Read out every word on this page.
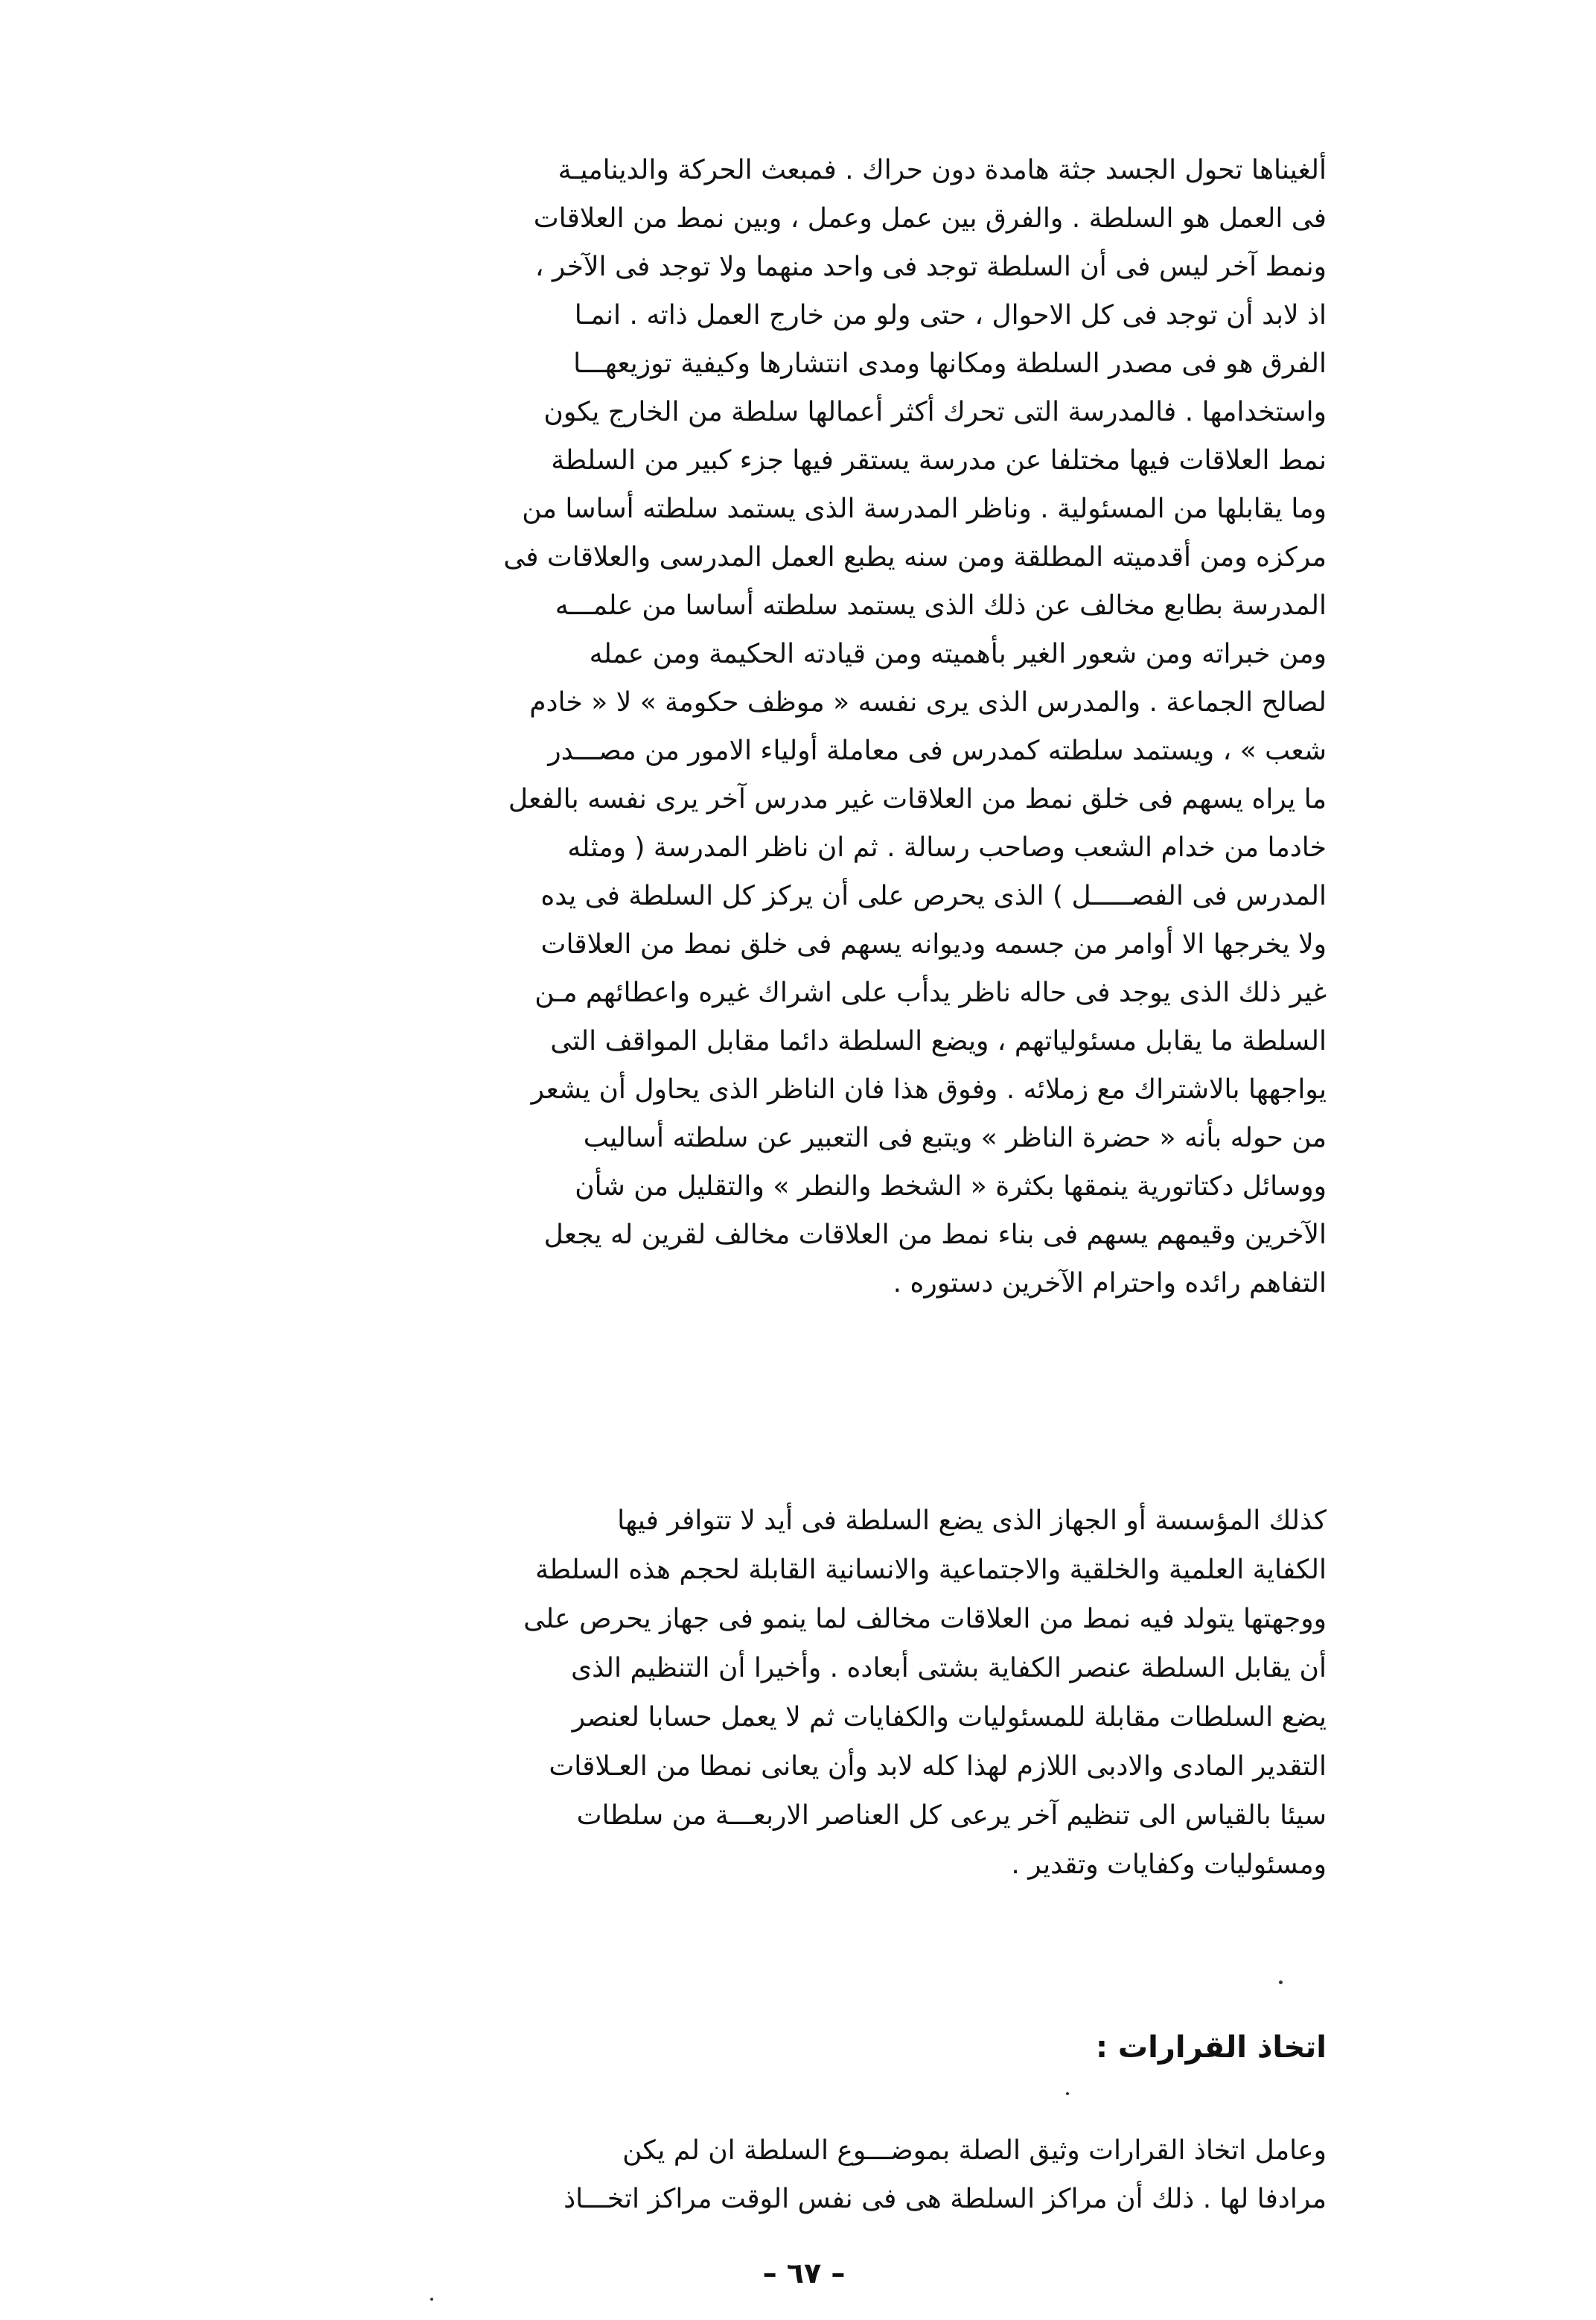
ألغيناها تحول الجسد جثة هامدة دون حراك . فمبعث الحركة والديناميـة
فى العمل هو السلطة . والفرق بين عمل وعمل ، وبين نمط من العلاقات
ونمط آخر ليس فى أن السلطة توجد فى واحد منهما ولا توجد فى الآخر ،
اذ لابد أن توجد فى كل الاحوال ، حتى ولو من خارج العمل ذاته . انمـا
الفرق هو فى مصدر السلطة ومكانها ومدى انتشارها وكيفية توزيعهـــا
واستخدامها . فالمدرسة التى تحرك أكثر أعمالها سلطة من الخارج يكون
نمط العلاقات فيها مختلفا عن مدرسة يستقر فيها جزء كبير من السلطة
وما يقابلها من المسئولية . وناظر المدرسة الذى يستمد سلطته أساسا من
مركزه ومن أقدميته المطلقة ومن سنه يطبع العمل المدرسى والعلاقات فى
المدرسة بطابع مخالف عن ذلك الذى يستمد سلطته أساسا من علمـــه
ومن خبراته ومن شعور الغير بأهميته ومن قيادته الحكيمة ومن عمله
لصالح الجماعة . والمدرس الذى يرى نفسه « موظف حكومة » لا « خادم
شعب » ، ويستمد سلطته كمدرس فى معاملة أولياء الامور من مصـــدر
ما يراه يسهم فى خلق نمط من العلاقات غير مدرس آخر يرى نفسه بالفعل
خادما من خدام الشعب وصاحب رسالة . ثم ان ناظر المدرسة ( ومثله
المدرس فى الفصـــــل ) الذى يحرص على أن يركز كل السلطة فى يده
ولا يخرجها الا أوامر من جسمه وديوانه يسهم فى خلق نمط من العلاقات
غير ذلك الذى يوجد فى حاله ناظر يدأب على اشراك غيره واعطائهم مـن
السلطة ما يقابل مسئولياتهم ، ويضع السلطة دائما مقابل المواقف التى
يواجهها بالاشتراك مع زملائه . وفوق هذا فان الناظر الذى يحاول أن يشعر
من حوله بأنه « حضرة الناظر » ويتبع فى التعبير عن سلطته أساليب
ووسائل دكتاتورية ينمقها بكثرة « الشخط والنطر » والتقليل من شأن
الآخرين وقيمهم يسهم فى بناء نمط من العلاقات مخالف لقرين له يجعل
التفاهم رائده واحترام الآخرين دستوره .
كذلك المؤسسة أو الجهاز الذى يضع السلطة فى أيد لا تتوافر فيها
الكفاية العلمية والخلقية والاجتماعية والانسانية القابلة لحجم هذه السلطة
ووجهتها يتولد فيه نمط من العلاقات مخالف لما ينمو فى جهاز يحرص على
أن يقابل السلطة عنصر الكفاية بشتى أبعاده . وأخيرا أن التنظيم الذى
يضع السلطات مقابلة للمسئوليات والكفايات ثم لا يعمل حسابا لعنصر
التقدير المادى والادبى اللازم لهذا كله لابد وأن يعانى نمطا من العـلاقات
سيئا بالقياس الى تنظيم آخر يرعى كل العناصر الاربعـــة من سلطات
ومسئوليات وكفايات وتقدير .
اتخاذ القرارات :
وعامل اتخاذ القرارات وثيق الصلة بموضـــوع السلطة ان لم يكن
مرادفا لها . ذلك أن مراكز السلطة هى فى نفس الوقت مراكز اتخـــاذ
– ٦٧ –
